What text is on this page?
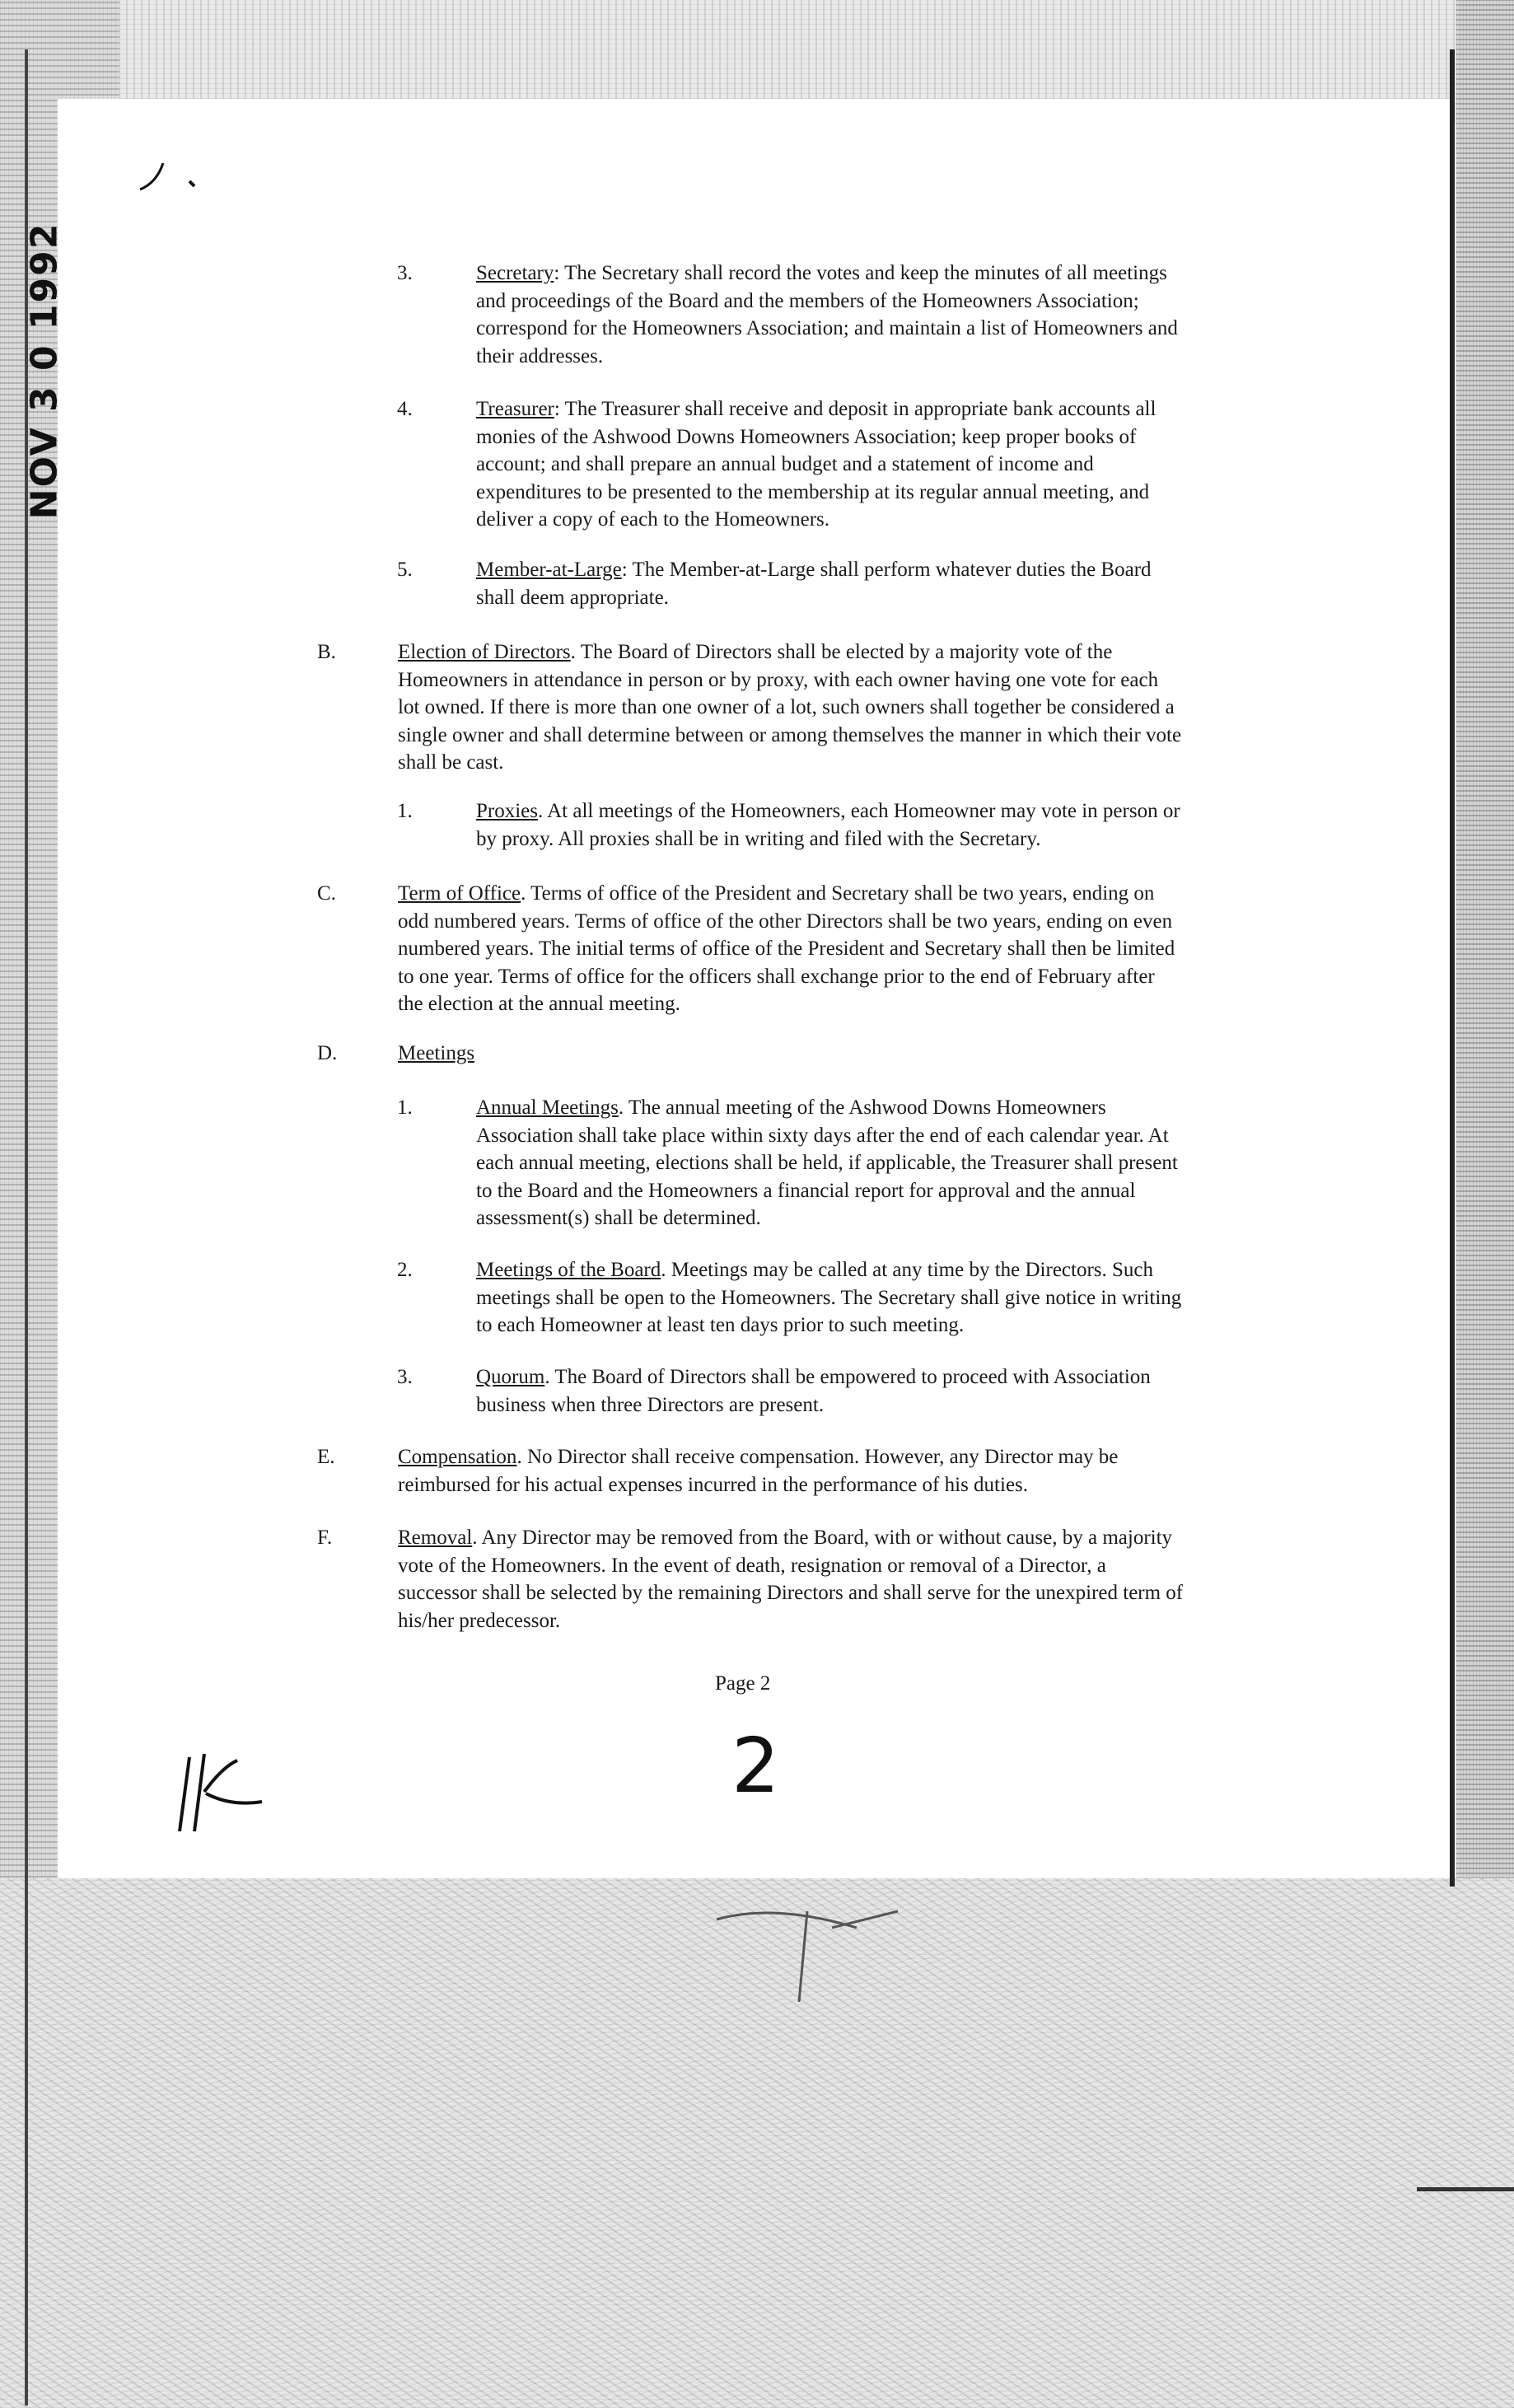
NOV 3 0 1992	3.	Secretary: The Secretary shall record the votes and keep the minutes of all meetings
and proceedings of the Board and the members of the Homeowners Association;
correspond for the Homeowners Association; and maintain a list of Homeowners and
their addresses.
4.	Treasurer: The Treasurer shall receive and deposit in appropriate bank accounts all
monies of the Ashwood Downs Homeowners Association; keep proper books of
account; and shall prepare an annual budget and a statement of income and
expenditures to be presented to the membership at its regular annual meeting, and
deliver a copy of each to the Homeowners.
5.	Member-at-Large: The Member-at-Large shall perform whatever duties the Board
shall deem appropriate.
B.	Election of Directors. The Board of Directors shall be elected by a majority vote of the
Homeowners in attendance in person or by proxy, with each owner having one vote for each
lot owned. If there is more than one owner of a lot, such owners shall together be considered a
single owner and shall determine between or among themselves the manner in which their vote
shall be cast.
1.	Proxies. At all meetings of the Homeowners, each Homeowner may vote in person or
by proxy. All proxies shall be in writing and filed with the Secretary.
C.	Term of Office. Terms of office of the President and Secretary shall be two years, ending on
odd numbered years. Terms of office of the other Directors shall be two years, ending on even
numbered years. The initial terms of office of the President and Secretary shall then be limited
to one year. Terms of office for the officers shall exchange prior to the end of February after
the election at the annual meeting.
D.	Meetings
1.	Annual Meetings. The annual meeting of the Ashwood Downs Homeowners
Association shall take place within sixty days after the end of each calendar year. At
each annual meeting, elections shall be held, if applicable, the Treasurer shall present
to the Board and the Homeowners a financial report for approval and the annual
assessment(s) shall be determined.
2.	Meetings of the Board. Meetings may be called at any time by the Directors. Such
meetings shall be open to the Homeowners. The Secretary shall give notice in writing
to each Homeowner at least ten days prior to such meeting.
3.	Quorum. The Board of Directors shall be empowered to proceed with Association
business when three Directors are present.
E.	Compensation. No Director shall receive compensation. However, any Director may be
reimbursed for his actual expenses incurred in the performance of his duties.
F.	Removal. Any Director may be removed from the Board, with or without cause, by a majority
vote of the Homeowners. In the event of death, resignation or removal of a Director, a
successor shall be selected by the remaining Directors and shall serve for the unexpired term of
his/her predecessor.
Page 2
2
